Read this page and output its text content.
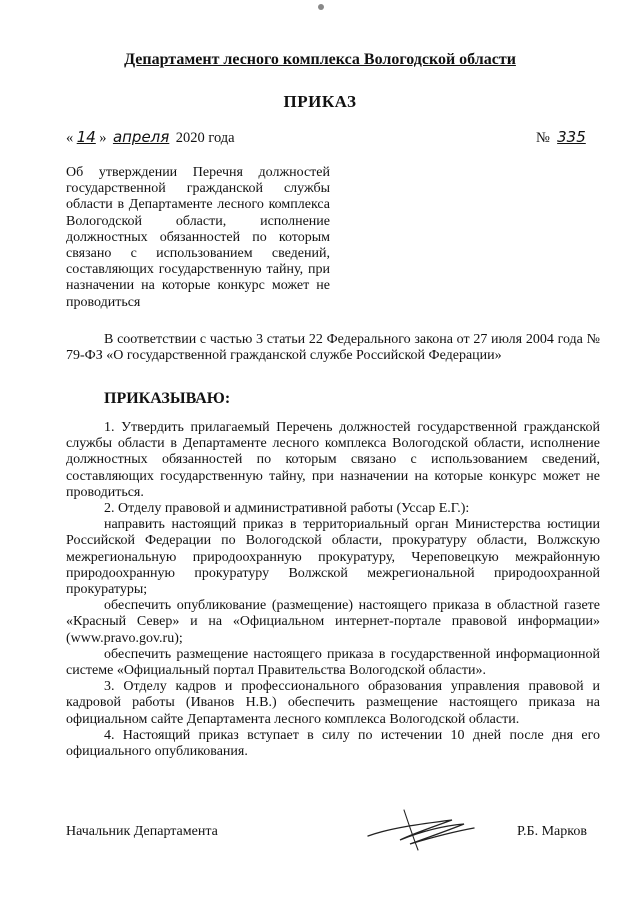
Департамент лесного комплекса Вологодской области
ПРИКАЗ
« 14 » апреля 2020 года	№ 335
Об утверждении Перечня должностей государственной гражданской службы области в Департаменте лесного комплекса Вологодской области, исполнение должностных обязанностей по которым связано с использованием сведений, составляющих государственную тайну, при назначении на которые конкурс может не проводиться
В соответствии с частью 3 статьи 22 Федерального закона от 27 июля 2004 года № 79-ФЗ «О государственной гражданской службе Российской Федерации»
ПРИКАЗЫВАЮ:

1. Утвердить прилагаемый Перечень должностей государственной гражданской службы области в Департаменте лесного комплекса Вологодской области, исполнение должностных обязанностей по которым связано с использованием сведений, составляющих государственную тайну, при назначении на которые конкурс может не проводиться.

2. Отделу правовой и административной работы (Уссар Е.Г.):

направить настоящий приказ в территориальный орган Министерства юстиции Российской Федерации по Вологодской области, прокуратуру области, Волжскую межрегиональную природоохранную прокуратуру, Череповецкую межрайонную природоохранную прокуратуру Волжской межрегиональной природоохранной прокуратуры;

обеспечить опубликование (размещение) настоящего приказа в областной газете «Красный Север» и на «Официальном интернет-портале правовой информации» (www.pravo.gov.ru);

обеспечить размещение настоящего приказа в государственной информационной системе «Официальный портал Правительства Вологодской области».

3. Отделу кадров и профессионального образования управления правовой и кадровой работы (Иванов Н.В.) обеспечить размещение настоящего приказа на официальном сайте Департамента лесного комплекса Вологодской области.

4. Настоящий приказ вступает в силу по истечении 10 дней после дня его официального опубликования.

Начальник Департамента	Р.Б. Марков
